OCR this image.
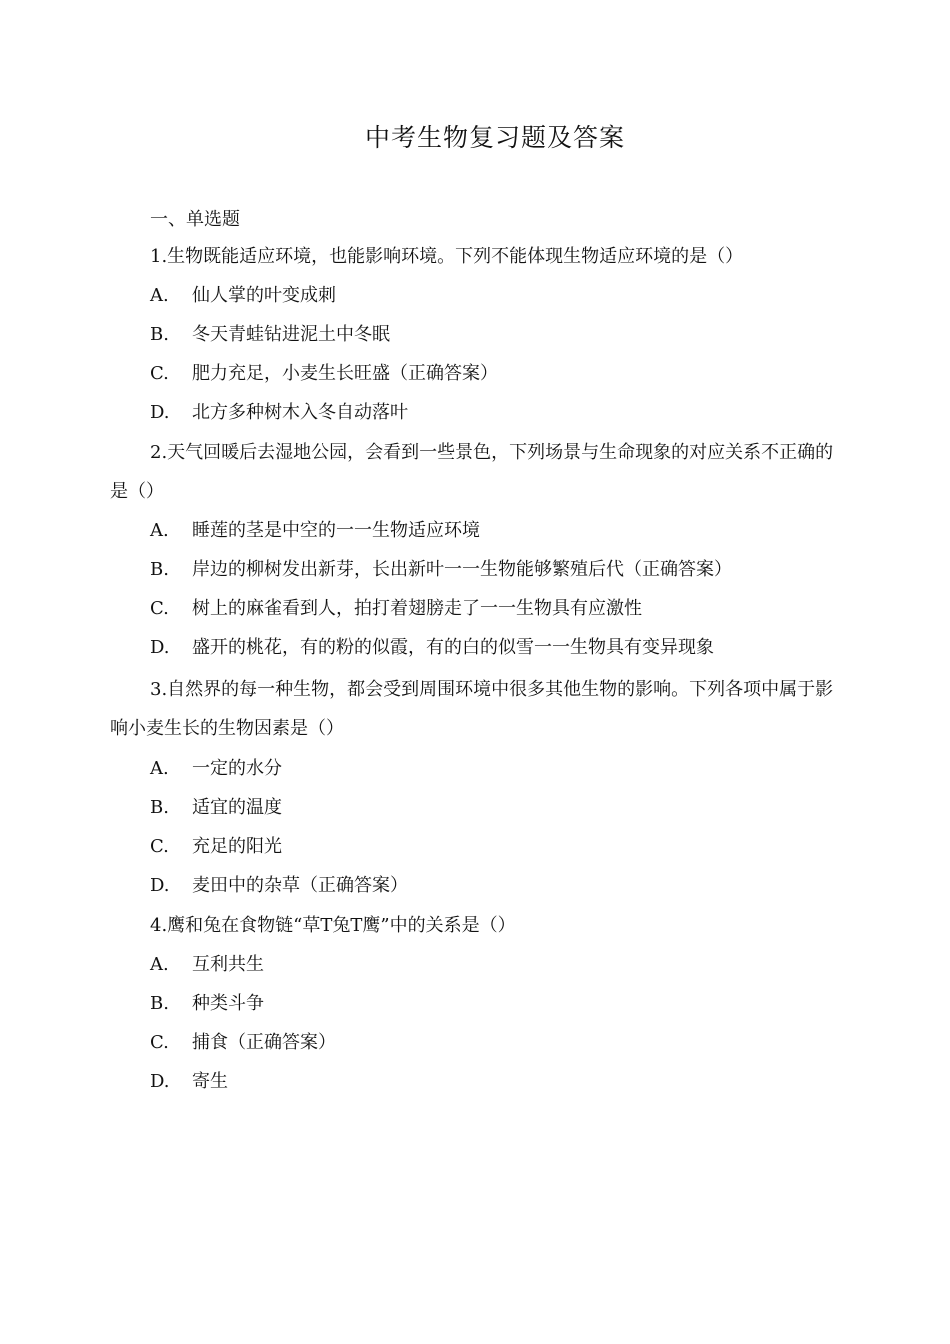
中考生物复习题及答案
一、单选题
1.生物既能适应环境，也能影响环境。下列不能体现生物适应环境的是（）
A. 仙人掌的叶变成刺
B. 冬天青蛙钻进泥土中冬眠
C. 肥力充足，小麦生长旺盛（正确答案）
D. 北方多种树木入冬自动落叶
2.天气回暖后去湿地公园，会看到一些景色，下列场景与生命现象的对应关系不正确的是（）
A. 睡莲的茎是中空的一一生物适应环境
B. 岸边的柳树发出新芽，长出新叶一一生物能够繁殖后代（正确答案）
C. 树上的麻雀看到人，拍打着翅膀走了一一生物具有应激性
D. 盛开的桃花，有的粉的似霞，有的白的似雪一一生物具有变异现象
3.自然界的每一种生物，都会受到周围环境中很多其他生物的影响。下列各项中属于影响小麦生长的生物因素是（）
A. 一定的水分
B. 适宜的温度
C. 充足的阳光
D. 麦田中的杂草（正确答案）
4.鹰和兔在食物链“草T兔T鹰”中的关系是（）
A. 互利共生
B. 种类斗争
C. 捕食（正确答案）
D. 寄生
